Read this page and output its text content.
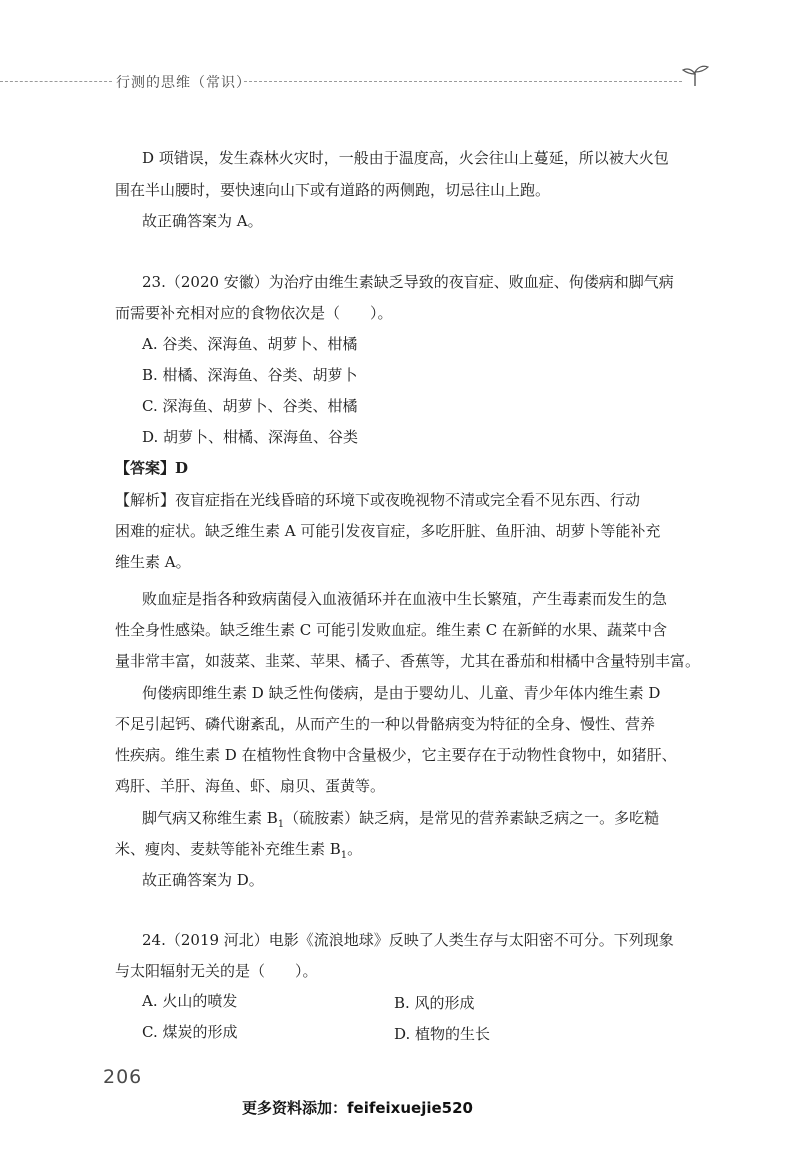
行测的思维（常识）

D 项错误，发生森林火灾时，一般由于温度高，火会往山上蔓延，所以被大火包

围在半山腰时，要快速向山下或有道路的两侧跑，切忌往山上跑。

故正确答案为 A。

23.（2020 安徽）为治疗由维生素缺乏导致的夜盲症、败血症、佝偻病和脚气病

而需要补充相对应的食物依次是（　　）。

A. 谷类、深海鱼、胡萝卜、柑橘

B. 柑橘、深海鱼、谷类、胡萝卜

C. 深海鱼、胡萝卜、谷类、柑橘

D. 胡萝卜、柑橘、深海鱼、谷类

【答案】D

【解析】夜盲症指在光线昏暗的环境下或夜晚视物不清或完全看不见东西、行动

困难的症状。缺乏维生素 A 可能引发夜盲症，多吃肝脏、鱼肝油、胡萝卜等能补充

维生素 A。

败血症是指各种致病菌侵入血液循环并在血液中生长繁殖，产生毒素而发生的急

性全身性感染。缺乏维生素 C 可能引发败血症。维生素 C 在新鲜的水果、蔬菜中含

量非常丰富，如菠菜、韭菜、苹果、橘子、香蕉等，尤其在番茄和柑橘中含量特别丰富。

佝偻病即维生素 D 缺乏性佝偻病，是由于婴幼儿、儿童、青少年体内维生素 D

不足引起钙、磷代谢紊乱，从而产生的一种以骨骼病变为特征的全身、慢性、营养

性疾病。维生素 D 在植物性食物中含量极少，它主要存在于动物性食物中，如猪肝、

鸡肝、羊肝、海鱼、虾、扇贝、蛋黄等。

脚气病又称维生素 $B_1$（硫胺素）缺乏病，是常见的营养素缺乏病之一。多吃糙

米、瘦肉、麦麸等能补充维生素 $B_1$。

故正确答案为 D。

24.（2019 河北）电影《流浪地球》反映了人类生存与太阳密不可分。下列现象

与太阳辐射无关的是（　　）。

A. 火山的喷发	B. 风的形成

C. 煤炭的形成	D. 植物的生长

206
更多资料添加：feifeixuejie520
